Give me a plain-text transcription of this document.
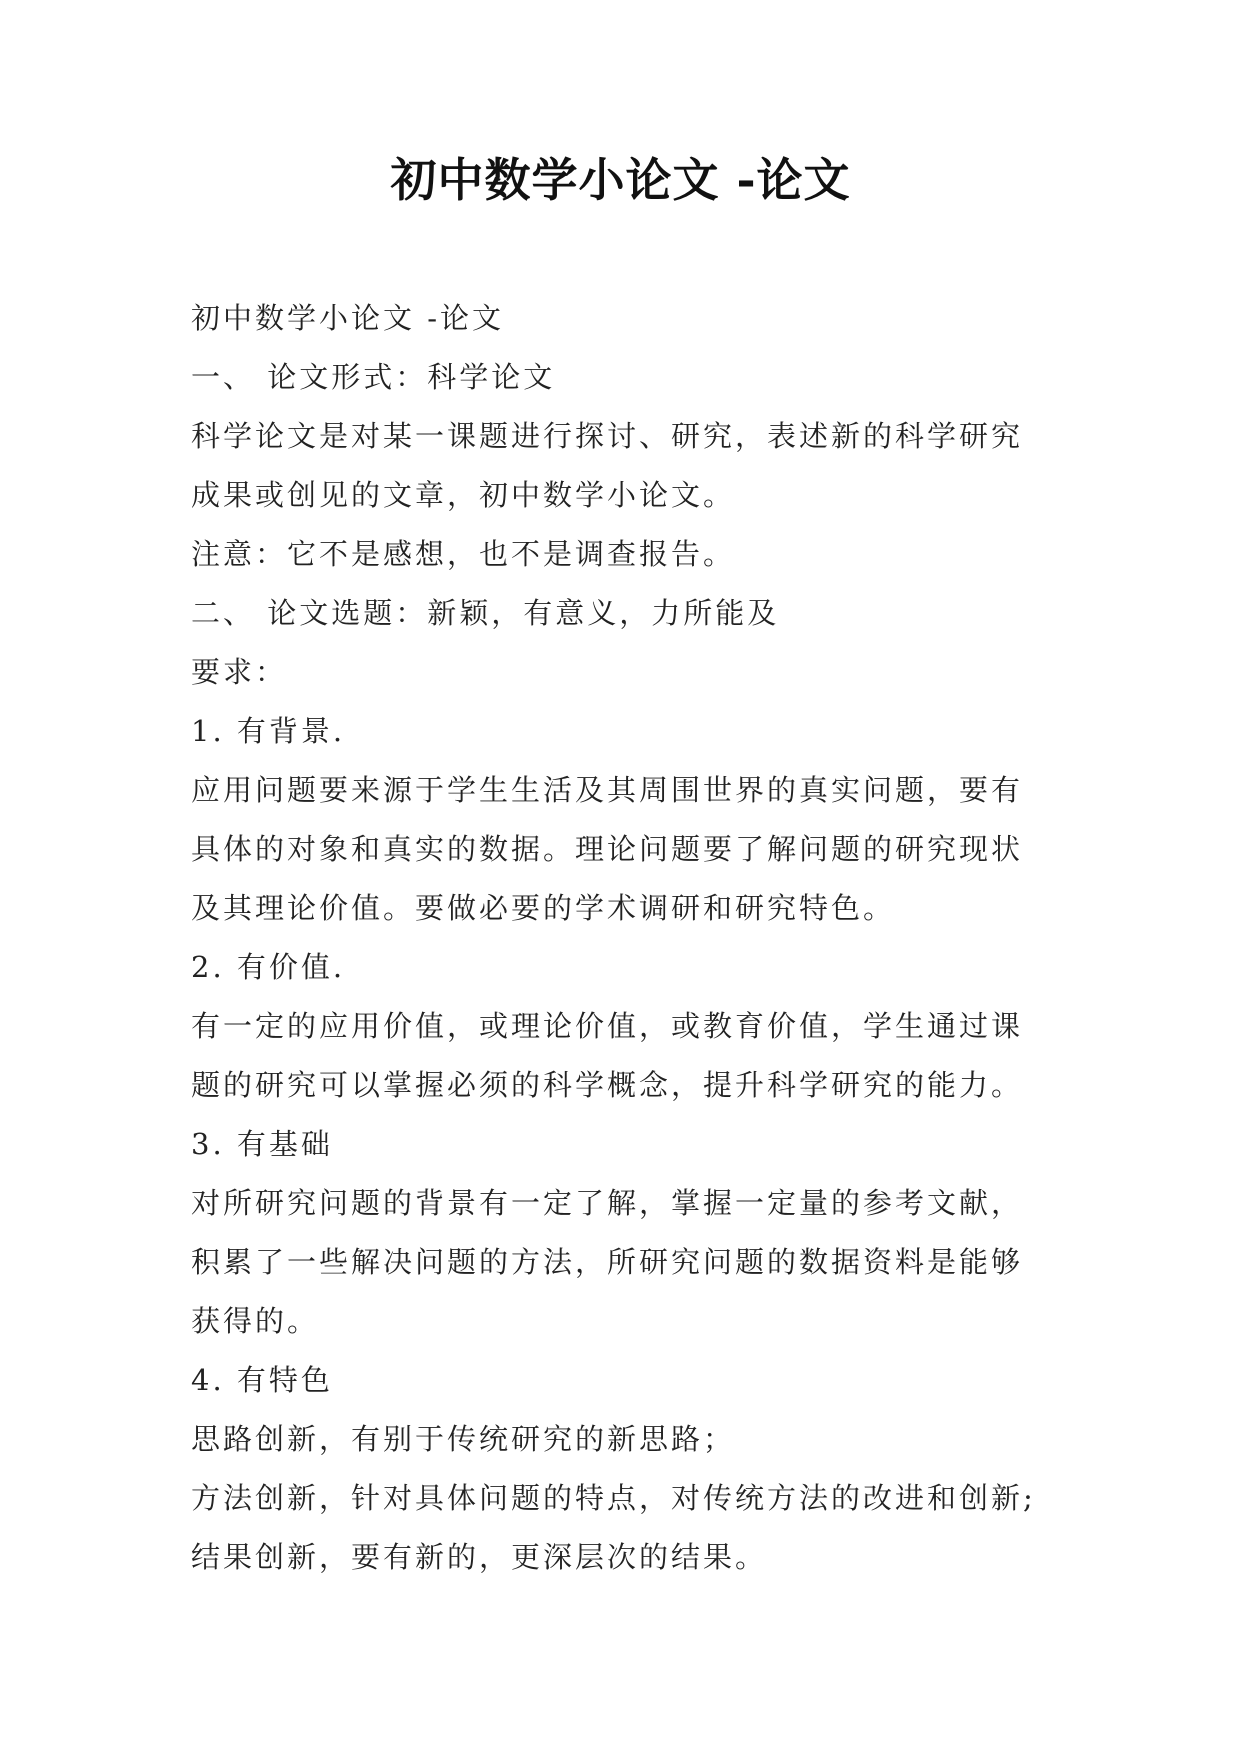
初中数学小论文 -论文

初中数学小论文 -论文

一、 论文形式：科学论文

科学论文是对某一课题进行探讨、研究，表述新的科学研究

成果或创见的文章，初中数学小论文。

注意：它不是感想，也不是调查报告。

二、 论文选题：新颖，有意义，力所能及

要求：

1. 有背景.

应用问题要来源于学生生活及其周围世界的真实问题，要有

具体的对象和真实的数据。理论问题要了解问题的研究现状

及其理论价值。要做必要的学术调研和研究特色。

2. 有价值.

有一定的应用价值，或理论价值，或教育价值，学生通过课

题的研究可以掌握必须的科学概念，提升科学研究的能力。

3. 有基础

对所研究问题的背景有一定了解，掌握一定量的参考文献，

积累了一些解决问题的方法，所研究问题的数据资料是能够

获得的。

4. 有特色

思路创新，有别于传统研究的新思路；

方法创新，针对具体问题的特点，对传统方法的改进和创新;

结果创新，要有新的，更深层次的结果。
